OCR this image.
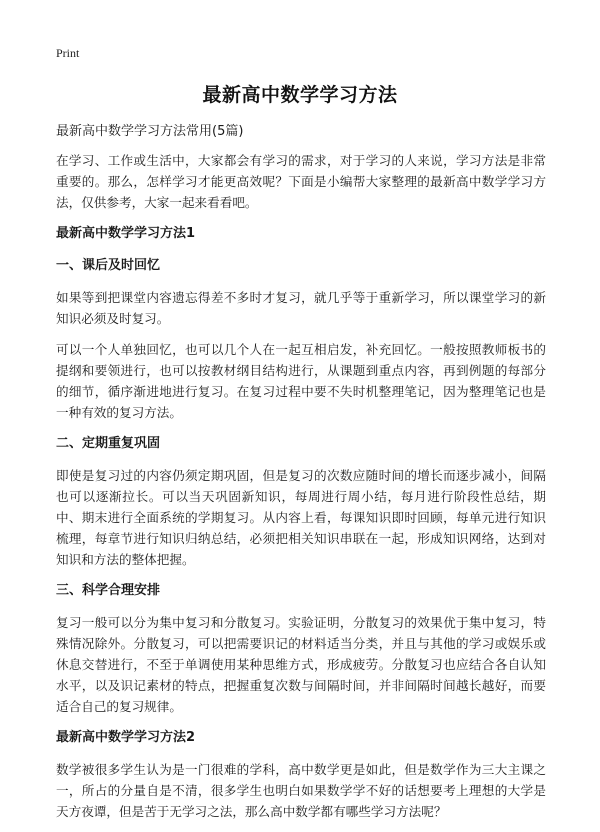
Print
最新高中数学学习方法
最新高中数学学习方法常用(5篇)

在学习、工作或生活中，大家都会有学习的需求，对于学习的人来说，学习方法是非常重要的。那么，怎样学习才能更高效呢？下面是小编帮大家整理的最新高中数学学习方法，仅供参考，大家一起来看看吧。

最新高中数学学习方法1
一、课后及时回忆

如果等到把课堂内容遗忘得差不多时才复习，就几乎等于重新学习，所以课堂学习的新知识必须及时复习。

可以一个人单独回忆，也可以几个人在一起互相启发，补充回忆。一般按照教师板书的提纲和要领进行，也可以按教材纲目结构进行，从课题到重点内容，再到例题的每部分的细节，循序渐进地进行复习。在复习过程中要不失时机整理笔记，因为整理笔记也是一种有效的复习方法。

二、定期重复巩固

即使是复习过的内容仍须定期巩固，但是复习的次数应随时间的增长而逐步减小，间隔也可以逐渐拉长。可以当天巩固新知识，每周进行周小结，每月进行阶段性总结，期中、期末进行全面系统的学期复习。从内容上看，每课知识即时回顾，每单元进行知识梳理，每章节进行知识归纳总结，必须把相关知识串联在一起，形成知识网络，达到对知识和方法的整体把握。

三、科学合理安排

复习一般可以分为集中复习和分散复习。实验证明，分散复习的效果优于集中复习，特殊情况除外。分散复习，可以把需要识记的材料适当分类，并且与其他的学习或娱乐或休息交替进行，不至于单调使用某种思维方式，形成疲劳。分散复习也应结合各自认知水平，以及识记素材的特点，把握重复次数与间隔时间，并非间隔时间越长越好，而要适合自己的复习规律。

最新高中数学学习方法2

数学被很多学生认为是一门很难的学科，高中数学更是如此，但是数学作为三大主课之一，所占的分量自是不清，很多学生也明白如果数学学不好的话想要考上理想的大学是天方夜谭，但是苦于无学习之法，那么高中数学都有哪些学习方法呢？
